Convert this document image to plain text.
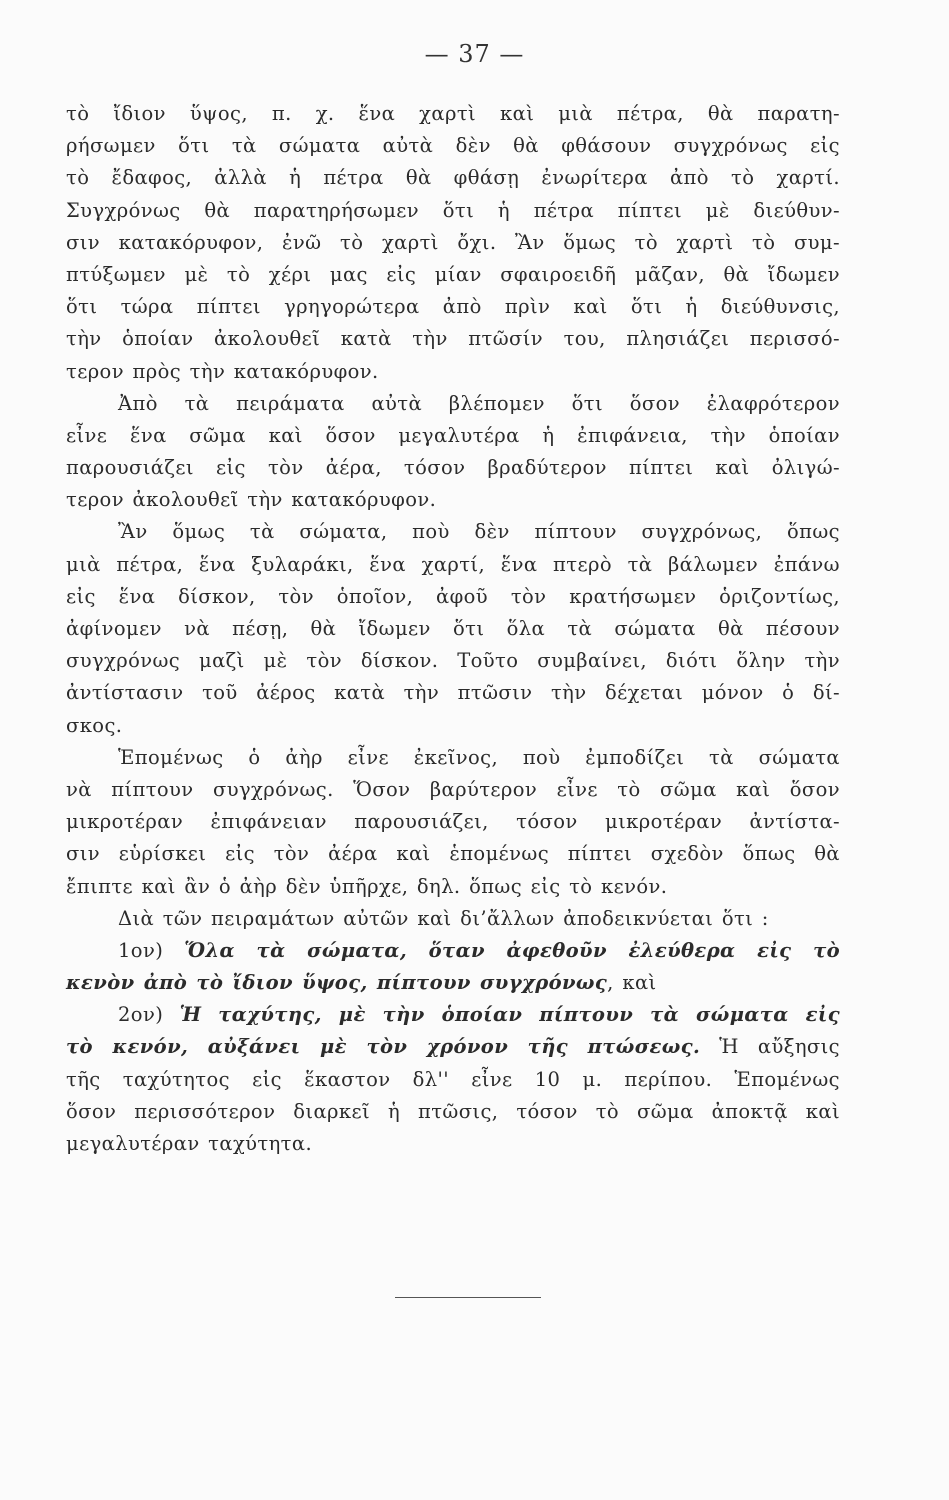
— 37 —
τὸ ἴδιον ὕψος, π. χ. ἕνα χαρτὶ καὶ μιὰ πέτρα, θὰ παρατη-
ρήσωμεν ὅτι τὰ σώματα αὐτὰ δὲν θὰ φθάσουν συγχρόνως εἰς
τὸ ἔδαφος, ἀλλὰ ἡ πέτρα θὰ φθάσῃ ἐνωρίτερα ἀπὸ τὸ χαρτί.
Συγχρόνως θὰ παρατηρήσωμεν ὅτι ἡ πέτρα πίπτει μὲ διεύθυν-
σιν κατακόρυφον, ἐνῶ τὸ χαρτὶ ὄχι. Ἂν ὅμως τὸ χαρτὶ τὸ συμ-
πτύξωμεν μὲ τὸ χέρι μας εἰς μίαν σφαιροειδῆ μᾶζαν, θὰ ἴδωμεν
ὅτι τώρα πίπτει γρηγορώτερα ἀπὸ πρὶν καὶ ὅτι ἡ διεύθυνσις,
τὴν ὁποίαν ἀκολουθεῖ κατὰ τὴν πτῶσίν του, πλησιάζει περισσό-
τερον πρὸς τὴν κατακόρυφον.
Ἀπὸ τὰ πειράματα αὐτὰ βλέπομεν ὅτι ὅσον ἐλαφρότερον
εἶνε ἕνα σῶμα καὶ ὅσον μεγαλυτέρα ἡ ἐπιφάνεια, τὴν ὁποίαν
παρουσιάζει εἰς τὸν ἀέρα, τόσον βραδύτερον πίπτει καὶ ὀλιγώ-
τερον ἀκολουθεῖ τὴν κατακόρυφον.
Ἂν ὅμως τὰ σώματα, ποὺ δὲν πίπτουν συγχρόνως, ὅπως
μιὰ πέτρα, ἕνα ξυλαράκι, ἕνα χαρτί, ἕνα πτερὸ τὰ βάλωμεν ἐπάνω
εἰς ἕνα δίσκον, τὸν ὁποῖον, ἀφοῦ τὸν κρατήσωμεν ὁριζοντίως,
ἀφίνομεν νὰ πέσῃ, θὰ ἴδωμεν ὅτι ὅλα τὰ σώματα θὰ πέσουν
συγχρόνως μαζὶ μὲ τὸν δίσκον. Τοῦτο συμβαίνει, διότι ὅλην τὴν
ἀντίστασιν τοῦ ἀέρος κατὰ τὴν πτῶσιν τὴν δέχεται μόνον ὁ δί-
σκος.
Ἑπομένως ὁ ἀὴρ εἶνε ἐκεῖνος, ποὺ ἐμποδίζει τὰ σώματα
νὰ πίπτουν συγχρόνως. Ὅσον βαρύτερον εἶνε τὸ σῶμα καὶ ὅσον
μικροτέραν ἐπιφάνειαν παρουσιάζει, τόσον μικροτέραν ἀντίστα-
σιν εὑρίσκει εἰς τὸν ἀέρα καὶ ἑπομένως πίπτει σχεδὸν ὅπως θὰ
ἔπιπτε καὶ ἂν ὁ ἀὴρ δὲν ὑπῆρχε, δηλ. ὅπως εἰς τὸ κενόν.
Διὰ τῶν πειραμάτων αὐτῶν καὶ δι’ἄλλων ἀποδεικνύεται ὅτι :
1ον) Ὅλα τὰ σώματα, ὅταν ἀφεθοῦν ἐλεύθερα εἰς τὸ
κενὸν ἀπὸ τὸ ἴδιον ὕψος, πίπτουν συγχρόνως, καὶ
2ον) Ἡ ταχύτης, μὲ τὴν ὁποίαν πίπτουν τὰ σώματα εἰς
τὸ κενόν, αὐξάνει μὲ τὸν χρόνον τῆς πτώσεως. Ἡ αὔξησις
τῆς ταχύτητος εἰς ἕκαστον δλ'' εἶνε 10 μ. περίπου. Ἑπομένως
ὅσον περισσότερον διαρκεῖ ἡ πτῶσις, τόσον τὸ σῶμα ἀποκτᾷ καὶ
μεγαλυτέραν ταχύτητα.
